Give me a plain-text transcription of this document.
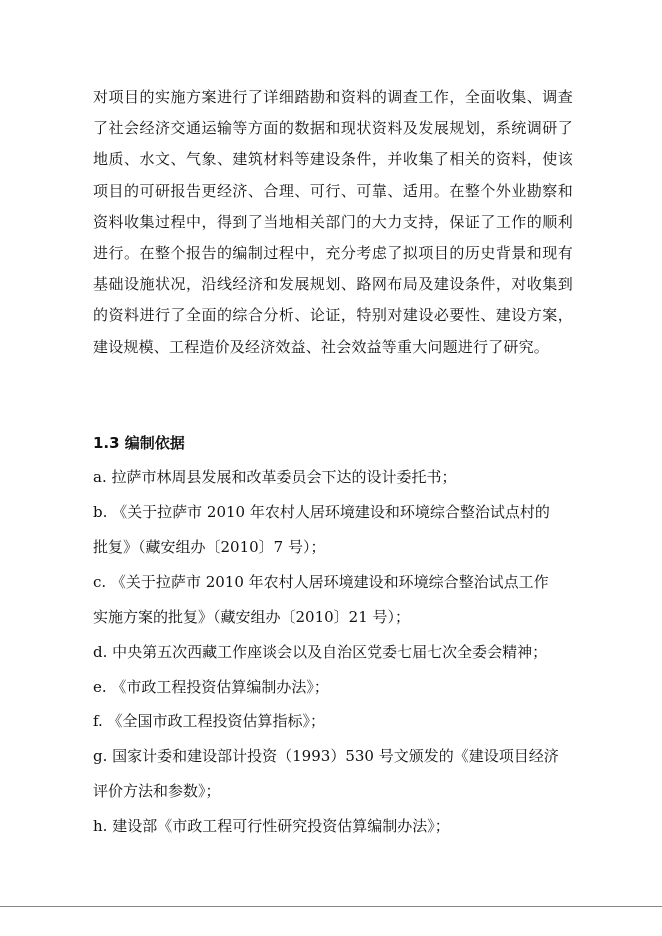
对项目的实施方案进行了详细踏勘和资料的调查工作，全面收集、调查了社会经济交通运输等方面的数据和现状资料及发展规划，系统调研了地质、水文、气象、建筑材料等建设条件，并收集了相关的资料，使该项目的可研报告更经济、合理、可行、可靠、适用。在整个外业勘察和资料收集过程中，得到了当地相关部门的大力支持，保证了工作的顺利进行。在整个报告的编制过程中，充分考虑了拟项目的历史背景和现有基础设施状况，沿线经济和发展规划、路网布局及建设条件，对收集到的资料进行了全面的综合分析、论证，特别对建设必要性、建设方案，建设规模、工程造价及经济效益、社会效益等重大问题进行了研究。

1.3 编制依据
a. 拉萨市林周县发展和改革委员会下达的设计委托书；
b. 《关于拉萨市 2010 年农村人居环境建设和环境综合整治试点村的
批复》（藏安组办〔2010〕7 号）；
c. 《关于拉萨市 2010 年农村人居环境建设和环境综合整治试点工作
实施方案的批复》（藏安组办〔2010〕21 号）；
d. 中央第五次西藏工作座谈会以及自治区党委七届七次全委会精神；
e. 《市政工程投资估算编制办法》；
f. 《全国市政工程投资估算指标》；
g. 国家计委和建设部计投资（1993）530 号文颁发的《建设项目经济
评价方法和参数》；
h. 建设部《市政工程可行性研究投资估算编制办法》；
